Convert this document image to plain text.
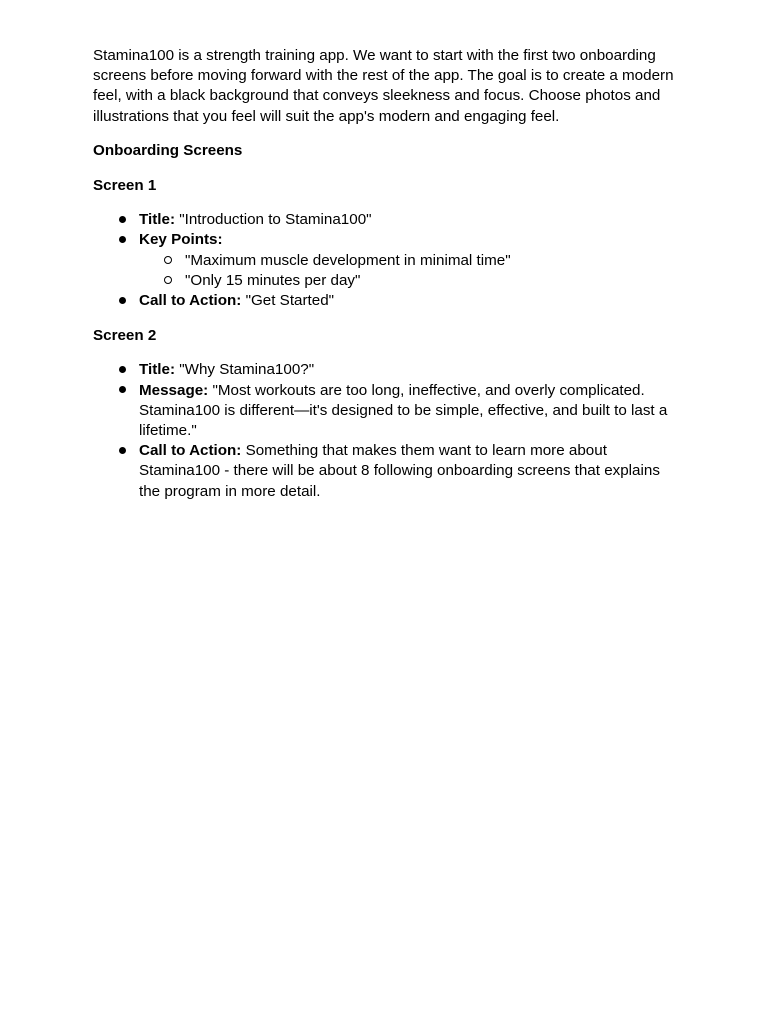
Stamina100 is a strength training app. We want to start with the first two onboarding screens before moving forward with the rest of the app. The goal is to create a modern feel, with a black background that conveys sleekness and focus. Choose photos and illustrations that you feel will suit the app's modern and engaging feel.

Onboarding Screens

Screen 1

Title: "Introduction to Stamina100"
Key Points:
"Maximum muscle development in minimal time"
"Only 15 minutes per day"
Call to Action: "Get Started"

Screen 2

Title: "Why Stamina100?"
Message: "Most workouts are too long, ineffective, and overly complicated. Stamina100 is different—it's designed to be simple, effective, and built to last a lifetime."
Call to Action: Something that makes them want to learn more about Stamina100 - there will be about 8 following onboarding screens that explains the program in more detail.
